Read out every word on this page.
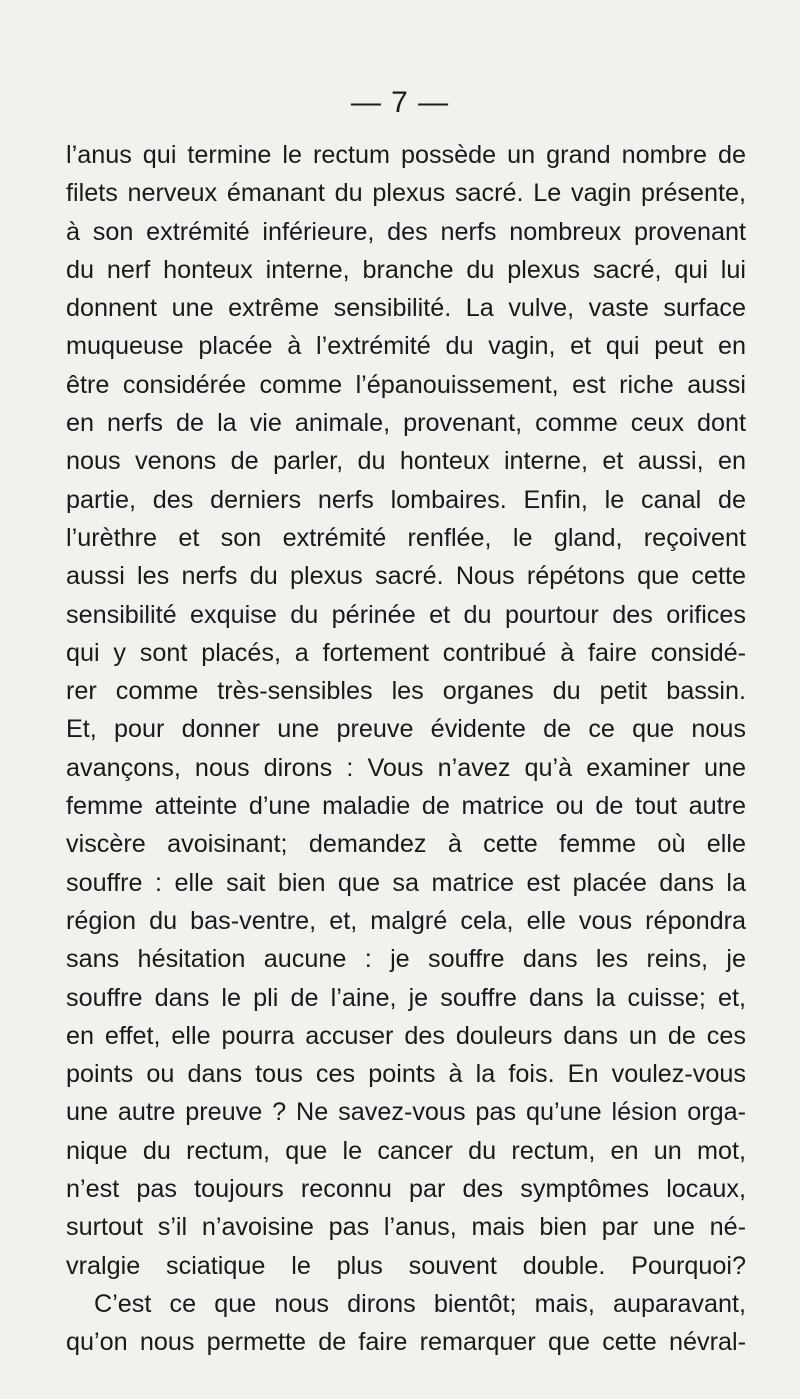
— 7 —
l’anus qui termine le rectum possède un grand nombre de
filets nerveux émanant du plexus sacré. Le vagin présente,
à son extrémité inférieure, des nerfs nombreux provenant
du nerf honteux interne, branche du plexus sacré, qui lui
donnent une extrême sensibilité. La vulve, vaste surface
muqueuse placée à l’extrémité du vagin, et qui peut en
être considérée comme l’épanouissement, est riche aussi
en nerfs de la vie animale, provenant, comme ceux dont
nous venons de parler, du honteux interne, et aussi, en
partie, des derniers nerfs lombaires. Enfin, le canal de
l’urèthre et son extrémité renflée, le gland, reçoivent
aussi les nerfs du plexus sacré. Nous répétons que cette
sensibilité exquise du périnée et du pourtour des orifices
qui y sont placés, a fortement contribué à faire considé-
rer comme très-sensibles les organes du petit bassin.
Et, pour donner une preuve évidente de ce que nous
avançons, nous dirons : Vous n’avez qu’à examiner une
femme atteinte d’une maladie de matrice ou de tout autre
viscère avoisinant; demandez à cette femme où elle
souffre : elle sait bien que sa matrice est placée dans la
région du bas-ventre, et, malgré cela, elle vous répondra
sans hésitation aucune : je souffre dans les reins, je
souffre dans le pli de l’aine, je souffre dans la cuisse; et,
en effet, elle pourra accuser des douleurs dans un de ces
points ou dans tous ces points à la fois. En voulez-vous
une autre preuve ? Ne savez-vous pas qu’une lésion orga-
nique du rectum, que le cancer du rectum, en un mot,
n’est pas toujours reconnu par des symptômes locaux,
surtout s’il n’avoisine pas l’anus, mais bien par une né-
vralgie sciatique le plus souvent double. Pourquoi?
C’est ce que nous dirons bientôt; mais, auparavant,
qu’on nous permette de faire remarquer que cette névral-
